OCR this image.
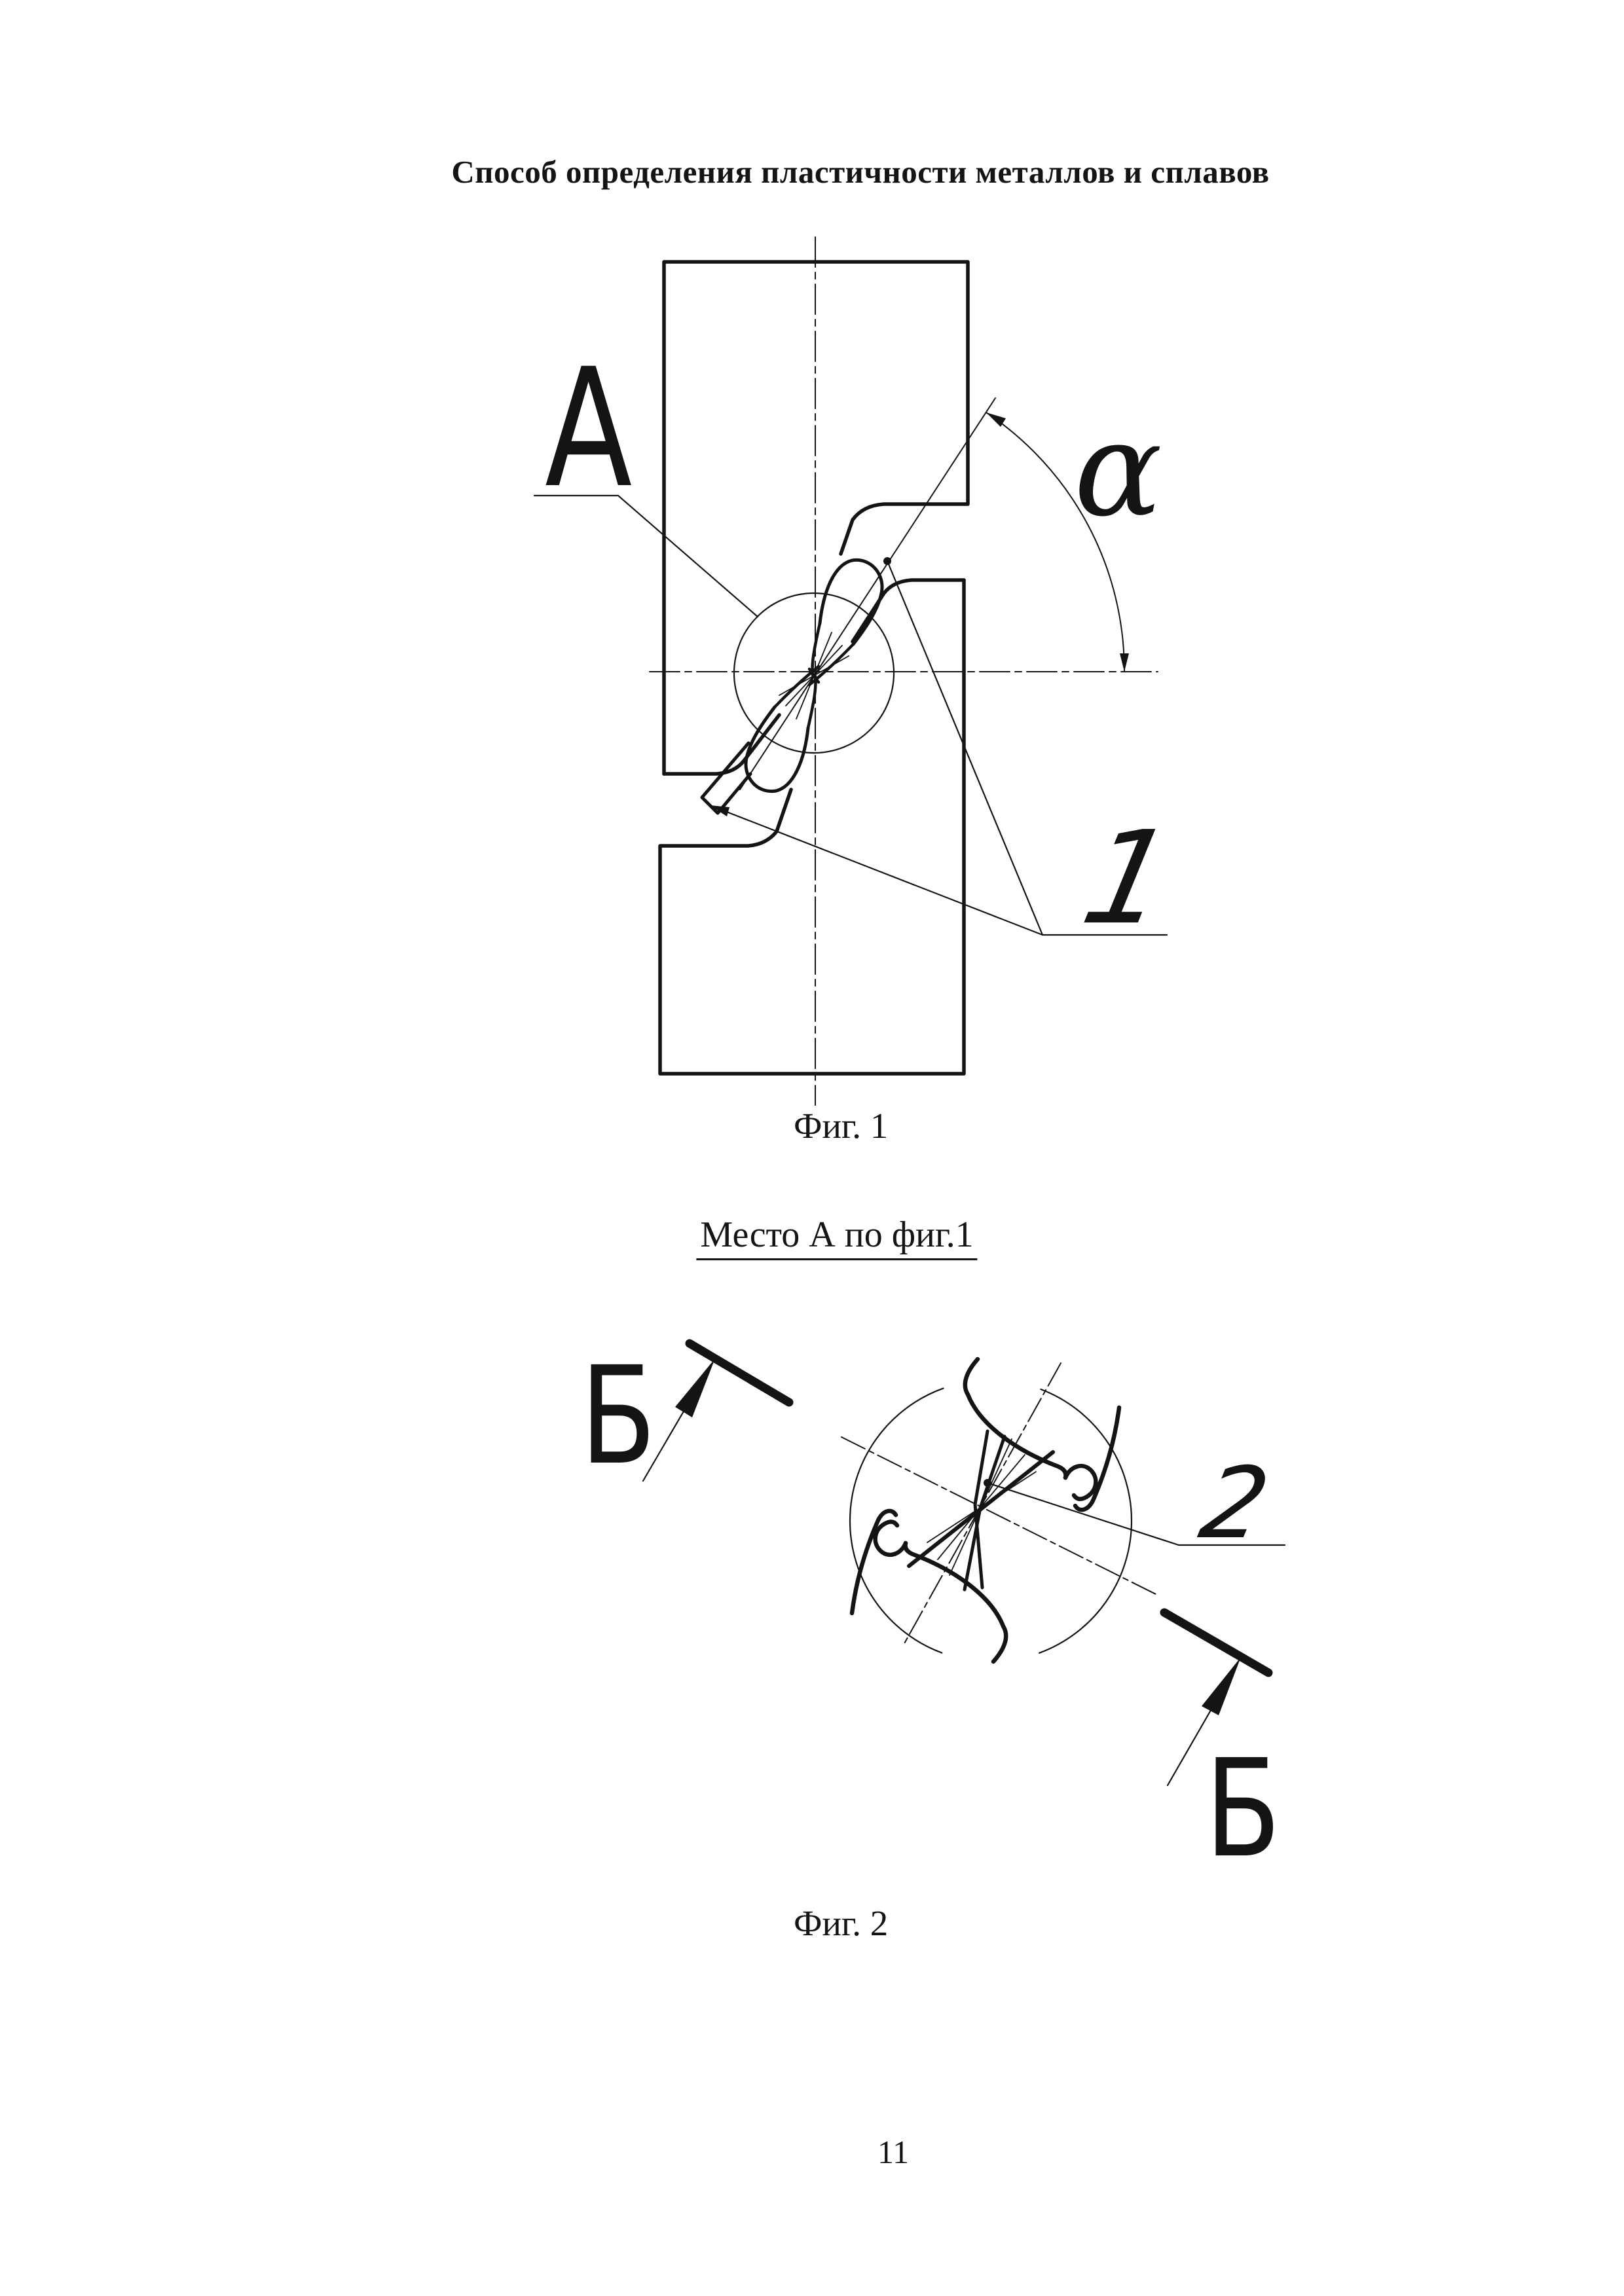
Способ определения пластичности металлов и сплавов
А	α
1
Фиг. 1
Место А по фиг.1
Б
2
Б
Фиг. 2
11
